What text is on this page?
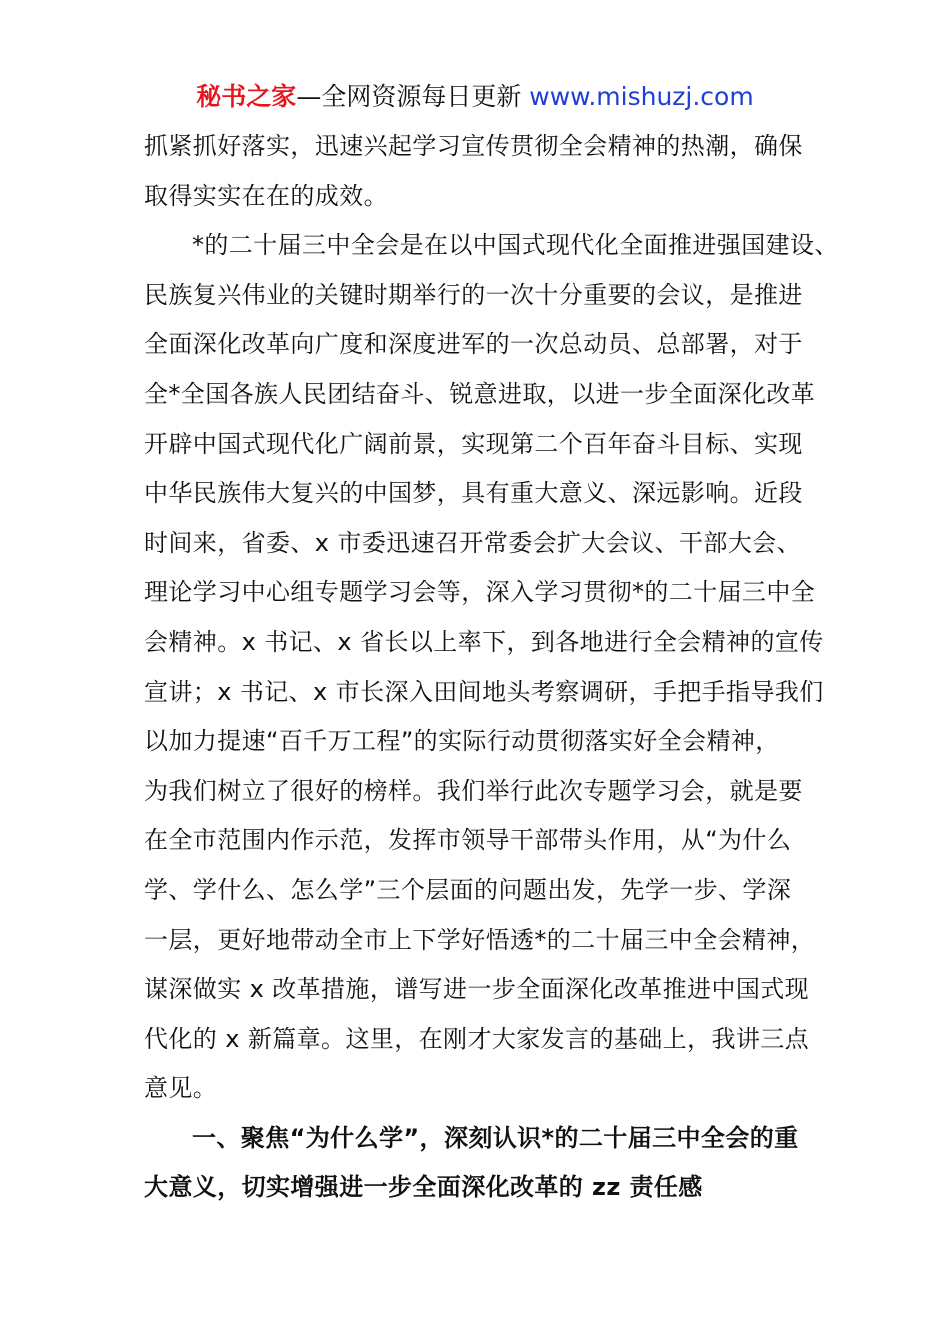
秘书之家—全网资源每日更新 www.mishuzj.com
抓紧抓好落实，迅速兴起学习宣传贯彻全会精神的热潮，确保
取得实实在在的成效。
*的二十届三中全会是在以中国式现代化全面推进强国建设、
民族复兴伟业的关键时期举行的一次十分重要的会议，是推进
全面深化改革向广度和深度进军的一次总动员、总部署，对于
全*全国各族人民团结奋斗、锐意进取，以进一步全面深化改革
开辟中国式现代化广阔前景，实现第二个百年奋斗目标、实现
中华民族伟大复兴的中国梦，具有重大意义、深远影响。近段
时间来，省委、x 市委迅速召开常委会扩大会议、干部大会、
理论学习中心组专题学习会等，深入学习贯彻*的二十届三中全
会精神。x 书记、x 省长以上率下，到各地进行全会精神的宣传
宣讲；x 书记、x 市长深入田间地头考察调研，手把手指导我们
以加力提速“百千万工程”的实际行动贯彻落实好全会精神，
为我们树立了很好的榜样。我们举行此次专题学习会，就是要
在全市范围内作示范，发挥市领导干部带头作用，从“为什么
学、学什么、怎么学”三个层面的问题出发，先学一步、学深
一层，更好地带动全市上下学好悟透*的二十届三中全会精神，
谋深做实 x 改革措施，谱写进一步全面深化改革推进中国式现
代化的 x 新篇章。这里，在刚才大家发言的基础上，我讲三点
意见。
一、聚焦“为什么学”，深刻认识*的二十届三中全会的重
大意义，切实增强进一步全面深化改革的 zz 责任感
